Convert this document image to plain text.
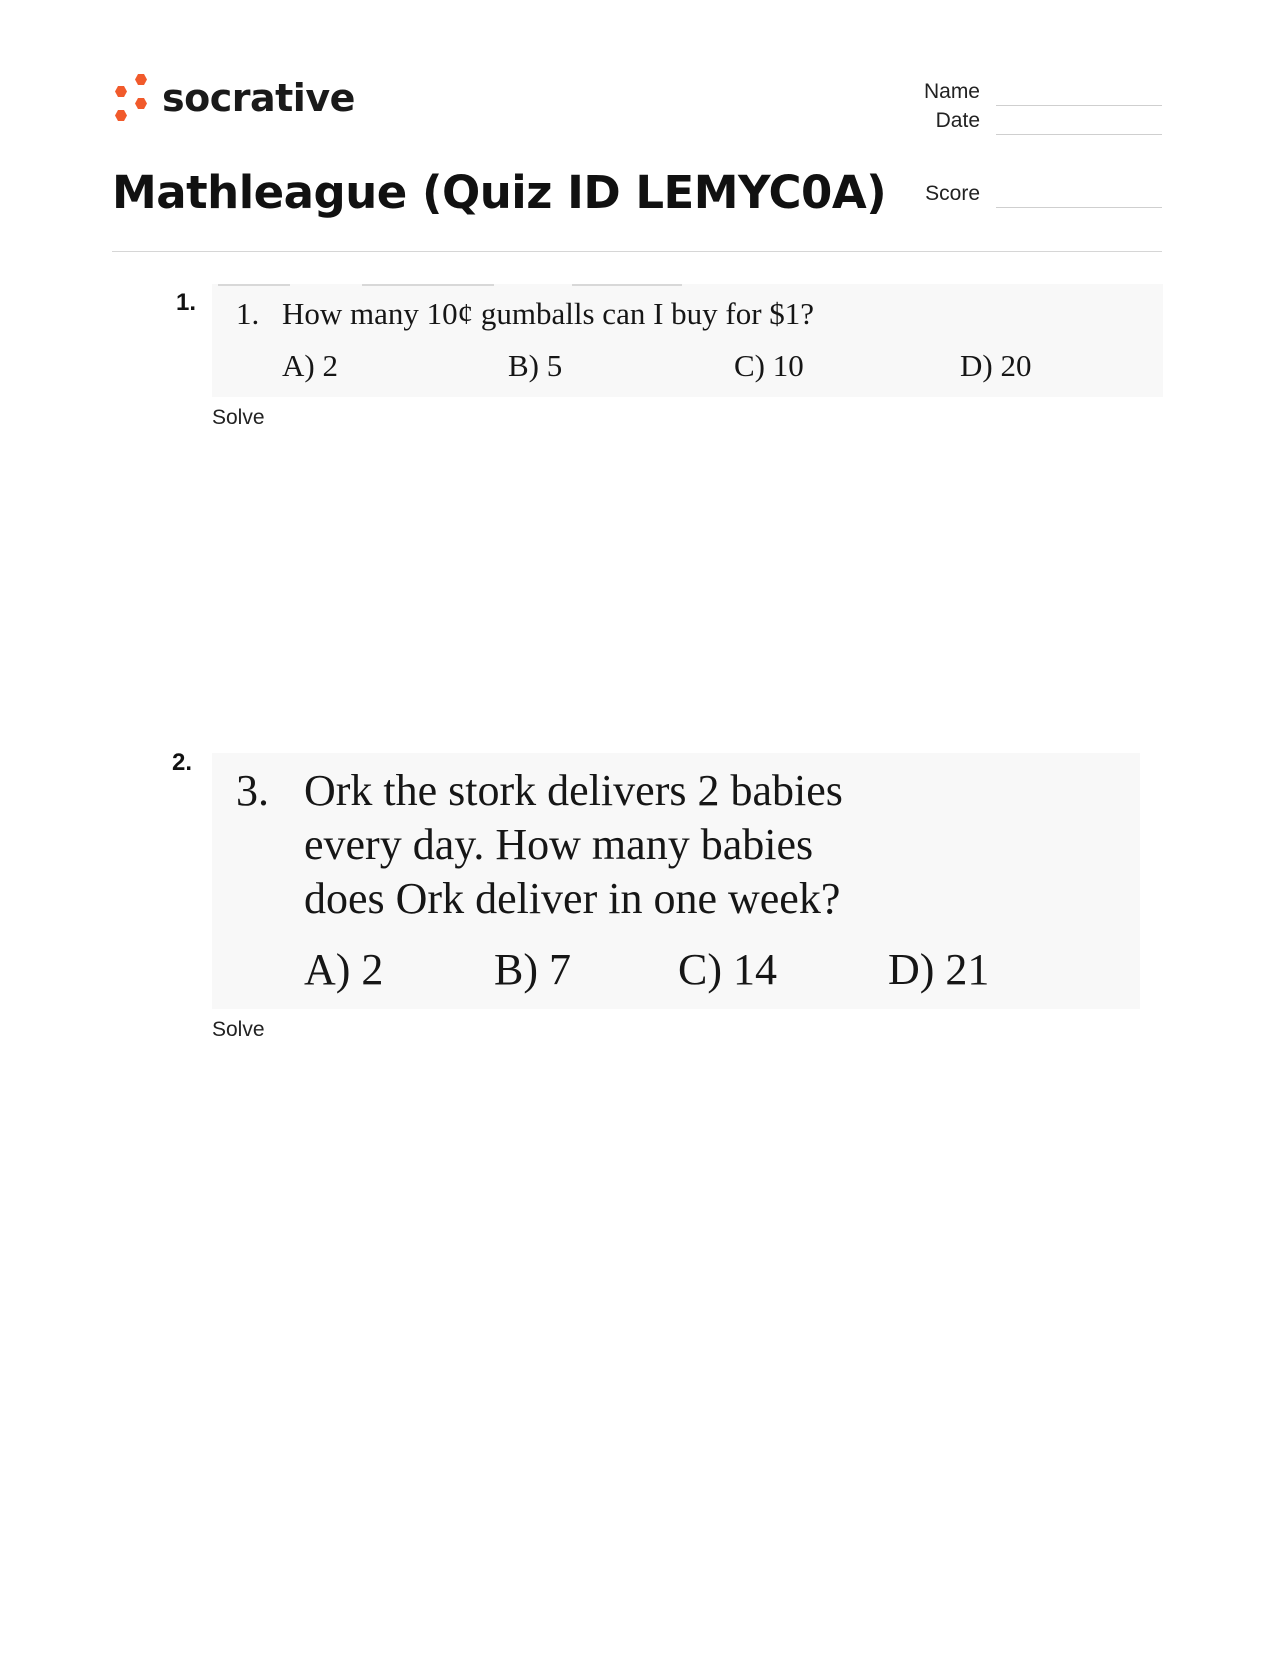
socrative	Name
Date
Mathleague (Quiz ID LEMYC0A)	Score
1. 1. How many 10¢ gumballs can I buy for $1?
A) 2	B) 5	C) 10	D) 20
Solve
2.
3. Ork the stork delivers 2 babies
every day. How many babies
does Ork deliver in one week?
A) 2	B) 7 C) 14	D) 21
Solve
